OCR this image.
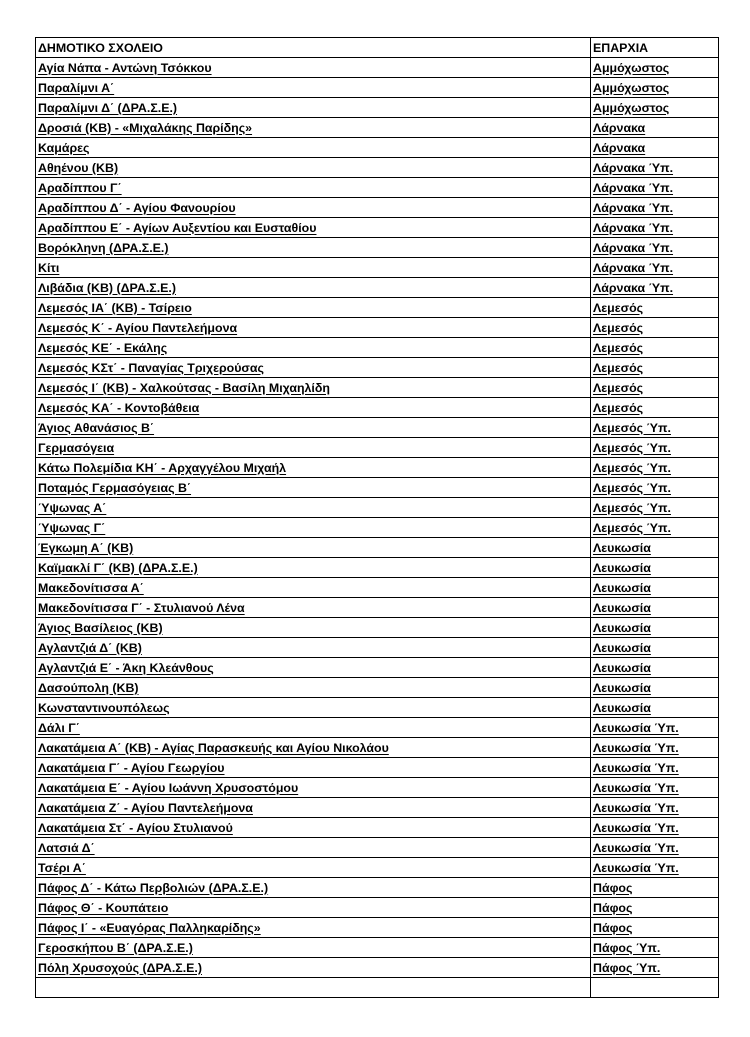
ΔΗΜΟΤΙΚΟ ΣΧΟΛΕΙΟ	ΕΠΑΡΧΙΑ
Αγία Νάπα - Αντώνη Τσόκκου	Αμμόχωστος
Παραλίμνι Α΄	Αμμόχωστος
Παραλίμνι Δ΄ (ΔΡΑ.Σ.Ε.)	Αμμόχωστος
Δροσιά (ΚΒ) - «Μιχαλάκης Παρίδης»	Λάρνακα
Καμάρες	Λάρνακα
Αθηένου (ΚΒ)	Λάρνακα Ύπ.
Αραδίππου Γ΄	Λάρνακα Ύπ.
Αραδίππου Δ΄ - Αγίου Φανουρίου	Λάρνακα Ύπ.
Αραδίππου Ε΄ - Αγίων Αυξεντίου και Ευσταθίου	Λάρνακα Ύπ.
Βορόκληνη (ΔΡΑ.Σ.Ε.)	Λάρνακα Ύπ.
Κίτι	Λάρνακα Ύπ.
Λιβάδια (ΚΒ) (ΔΡΑ.Σ.Ε.)	Λάρνακα Ύπ.
Λεμεσός ΙΑ΄ (ΚΒ) - Τσίρειο	Λεμεσός
Λεμεσός Κ΄ - Αγίου Παντελεήμονα	Λεμεσός
Λεμεσός ΚΕ΄ - Εκάλης	Λεμεσός
Λεμεσός ΚΣτ΄ - Παναγίας Τριχερούσας	Λεμεσός
Λεμεσός Ι΄ (ΚΒ) - Χαλκούτσας - Βασίλη Μιχαηλίδη	Λεμεσός
Λεμεσός ΚΑ΄ - Κοντοβάθεια	Λεμεσός
Άγιος Αθανάσιος Β΄	Λεμεσός Ύπ.
Γερμασόγεια	Λεμεσός Ύπ.
Κάτω Πολεμίδια ΚΗ΄ - Αρχαγγέλου Μιχαήλ	Λεμεσός Ύπ.
Ποταμός Γερμασόγειας Β΄	Λεμεσός Ύπ.
Ύψωνας Α΄	Λεμεσός Ύπ.
Ύψωνας Γ΄	Λεμεσός Ύπ.
Έγκωμη Α΄ (ΚΒ)	Λευκωσία
Καϊμακλί Γ΄ (ΚΒ) (ΔΡΑ.Σ.Ε.)	Λευκωσία
Μακεδονίτισσα Α΄	Λευκωσία
Μακεδονίτισσα Γ΄ - Στυλιανού Λένα	Λευκωσία
Άγιος Βασίλειος (ΚΒ)	Λευκωσία
Αγλαντζιά Δ΄ (ΚΒ)	Λευκωσία
Αγλαντζιά Ε΄ - Άκη Κλεάνθους	Λευκωσία
Δασούπολη (ΚΒ)	Λευκωσία
Κωνσταντινουπόλεως	Λευκωσία
Δάλι Γ΄	Λευκωσία Ύπ.
Λακατάμεια Α΄ (ΚΒ) - Αγίας Παρασκευής και Αγίου Νικολάου	Λευκωσία Ύπ.
Λακατάμεια Γ΄ - Αγίου Γεωργίου	Λευκωσία Ύπ.
Λακατάμεια Ε΄ - Αγίου Ιωάννη Χρυσοστόμου	Λευκωσία Ύπ.
Λακατάμεια Ζ΄ - Αγίου Παντελεήμονα	Λευκωσία Ύπ.
Λακατάμεια Στ΄ - Αγίου Στυλιανού	Λευκωσία Ύπ.
Λατσιά Δ΄	Λευκωσία Ύπ.
Τσέρι Α΄	Λευκωσία Ύπ.
Πάφος Δ΄ - Κάτω Περβολιών (ΔΡΑ.Σ.Ε.)	Πάφος
Πάφος Θ΄ - Κουπάτειο	Πάφος
Πάφος Ι΄ - «Ευαγόρας Παλληκαρίδης»	Πάφος
Γεροσκήπου Β΄ (ΔΡΑ.Σ.Ε.)	Πάφος Ύπ.
Πόλη Χρυσοχούς (ΔΡΑ.Σ.Ε.)	Πάφος Ύπ.
